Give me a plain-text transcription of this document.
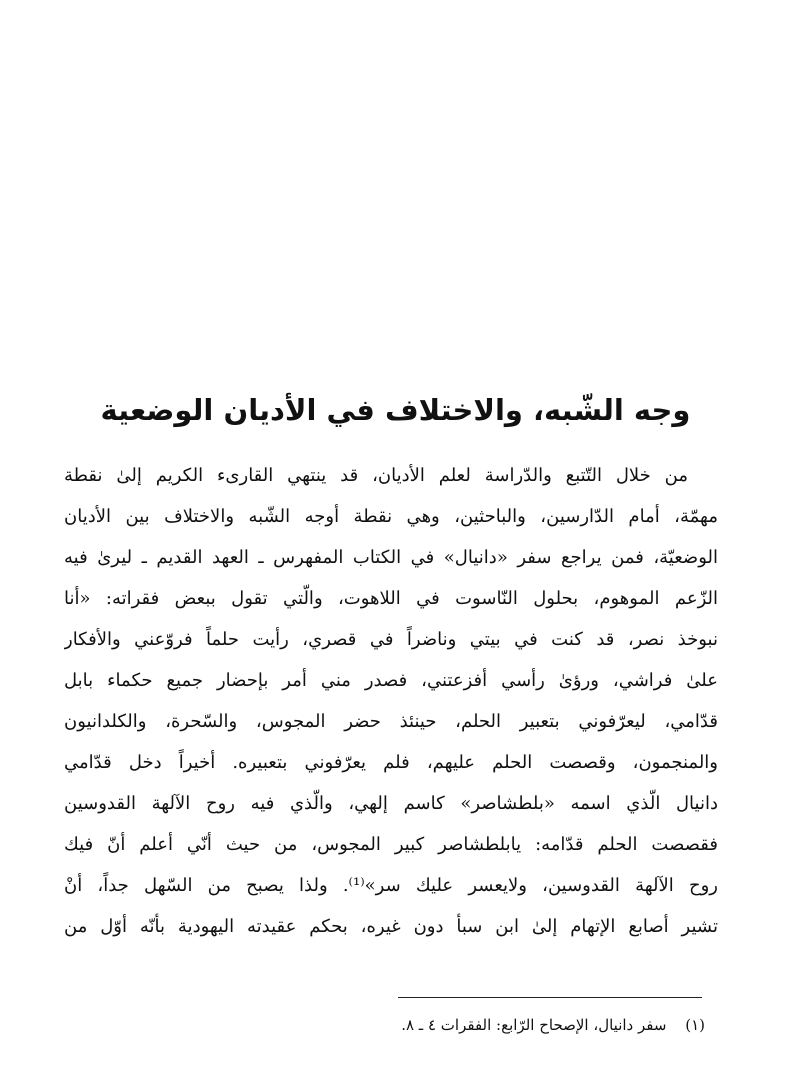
وجه الشّبه، والاختلاف في الأديان الوضعية
من خلال التّتبع والدّراسة لعلم الأديان، قد ينتهي القارىء الكريم إلىٰ نقطة
مهمّة، أمام الدّارسين، والباحثين، وهي نقطة أوجه الشّبه والاختلاف بين الأديان
الوضعيّة، فمن يراجع سفر «دانيال» في الكتاب المفهرس ـ العهد القديم ـ ليرىٰ فيه
الزّعم الموهوم، بحلول النّاسوت في اللاهوت، والّتي تقول ببعض فقراته: «أنا
نبوخذ نصر، قد كنت في بيتي وناضراً في قصري، رأيت حلماً فروّعني والأفكار
علىٰ فراشي، ورؤىٰ رأسي أفزعتني، فصدر مني أمر بإحضار جميع حكماء بابل
قدّامي، ليعرّفوني بتعبير الحلم، حينئذ حضر المجوس، والسّحرة، والكلدانيون
والمنجمون، وقصصت الحلم عليهم، فلم يعرّفوني بتعبيره. أخيراً دخل قدّامي
دانيال الّذي اسمه «بلطشاصر» كاسم إلهي، والّذي فيه روح الآلهة القدوسين
فقصصت الحلم قدّامه: يابلطشاصر كبير المجوس، من حيث أنّي أعلم أنّ فيك
روح الآلهة القدوسين، ولايعسر عليك سر»⁽¹⁾. ولذا يصبح من السّهل جداً، أنْ
تشير أصابع الإتهام إلىٰ ابن سبأ دون غيره، بحكم عقيدته اليهودية بأنّه أوّل من
(١) سفر دانيال، الإصحاح الرّابع: الفقرات ٤ ـ ٨.
